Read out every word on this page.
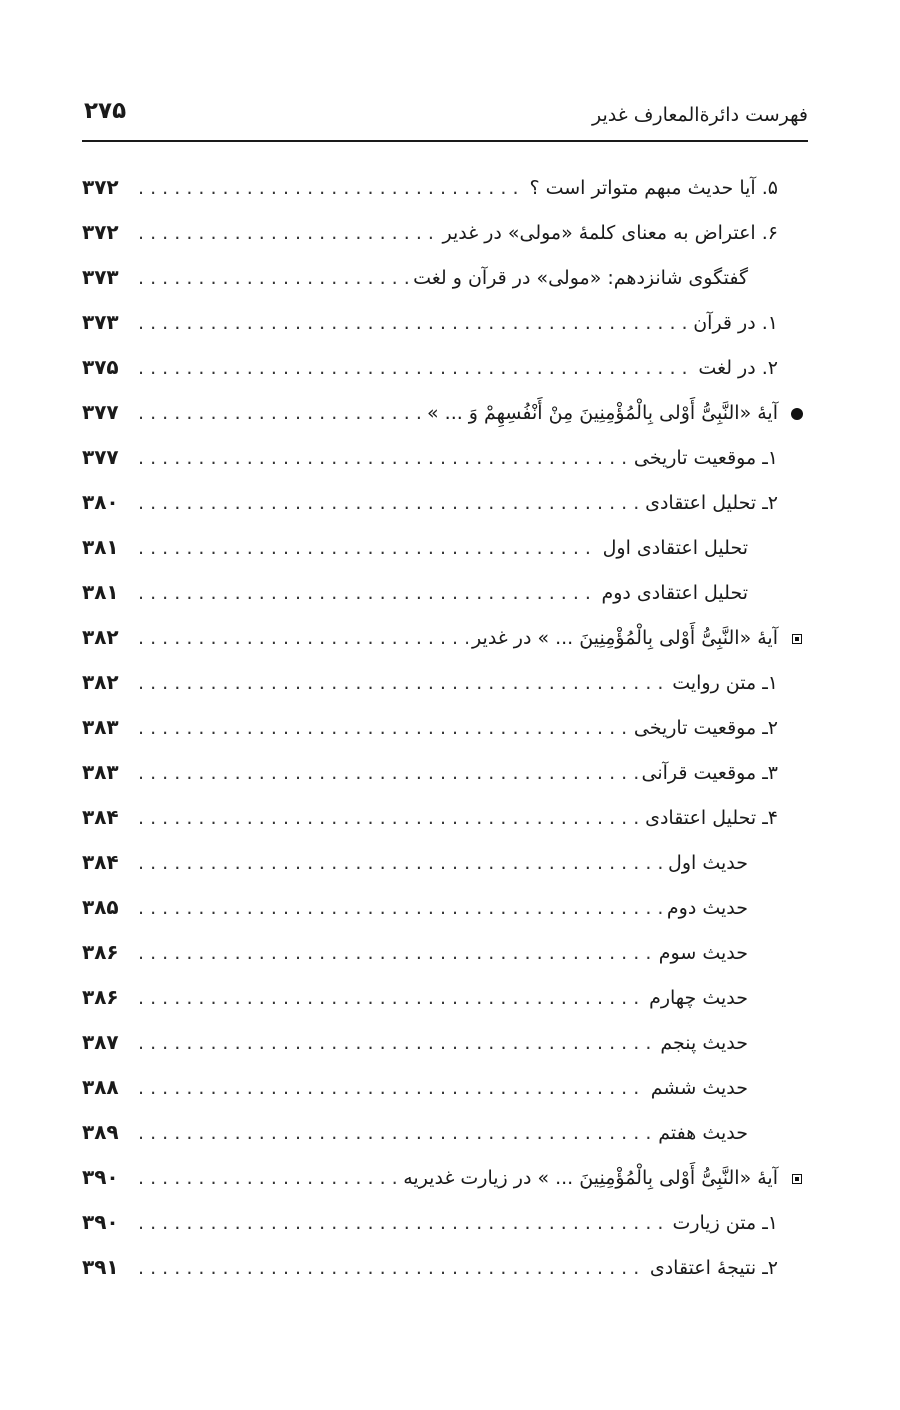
فهرست دائرةالمعارف غدیر
۲۷۵
۵. آیا حدیث مبهم متواتر است ؟
. . .
۳۷۲
۶. اعتراض به معنای کلمۀ «مولی» در غدیر
. . .
۳۷۲
گفتگوی شانزدهم: «مولی» در قرآن و لغت
. . .
۳۷۳
۱. در قرآن
. . .
۳۷۳
۲. در لغت
. . .
۳۷۵
آیۀ «النَّبِیُّ أَوْلی بِالْمُؤْمِنِینَ مِنْ أَنْفُسِهِمْ وَ ... »
. . .
۳۷۷
۱ـ موقعیت تاریخی
. . .
۳۷۷
۲ـ تحلیل اعتقادی
. . .
۳۸۰
تحلیل اعتقادی اول
. . .
۳۸۱
تحلیل اعتقادی دوم
. . .
۳۸۱
آیۀ «النَّبِیُّ أَوْلی بِالْمُؤْمِنِینَ ... » در غدیر
. . .
۳۸۲
۱ـ متن روایت
. . .
۳۸۲
۲ـ موقعیت تاریخی
. . .
۳۸۳
۳ـ موقعیت قرآنی
. . .
۳۸۳
۴ـ تحلیل اعتقادی
. . .
۳۸۴
حدیث اول
. . .
۳۸۴
حدیث دوم
. . .
۳۸۵
حدیث سوم
. . .
۳۸۶
حدیث چهارم
. . .
۳۸۶
حدیث پنجم
. . .
۳۸۷
حدیث ششم
. . .
۳۸۸
حدیث هفتم
. . .
۳۸۹
آیۀ «النَّبِیُّ أَوْلی بِالْمُؤْمِنِینَ ... » در زیارت غدیریه
. . .
۳۹۰
۱ـ متن زیارت
. . .
۳۹۰
۲ـ نتیجۀ اعتقادی
. . .
۳۹۱
